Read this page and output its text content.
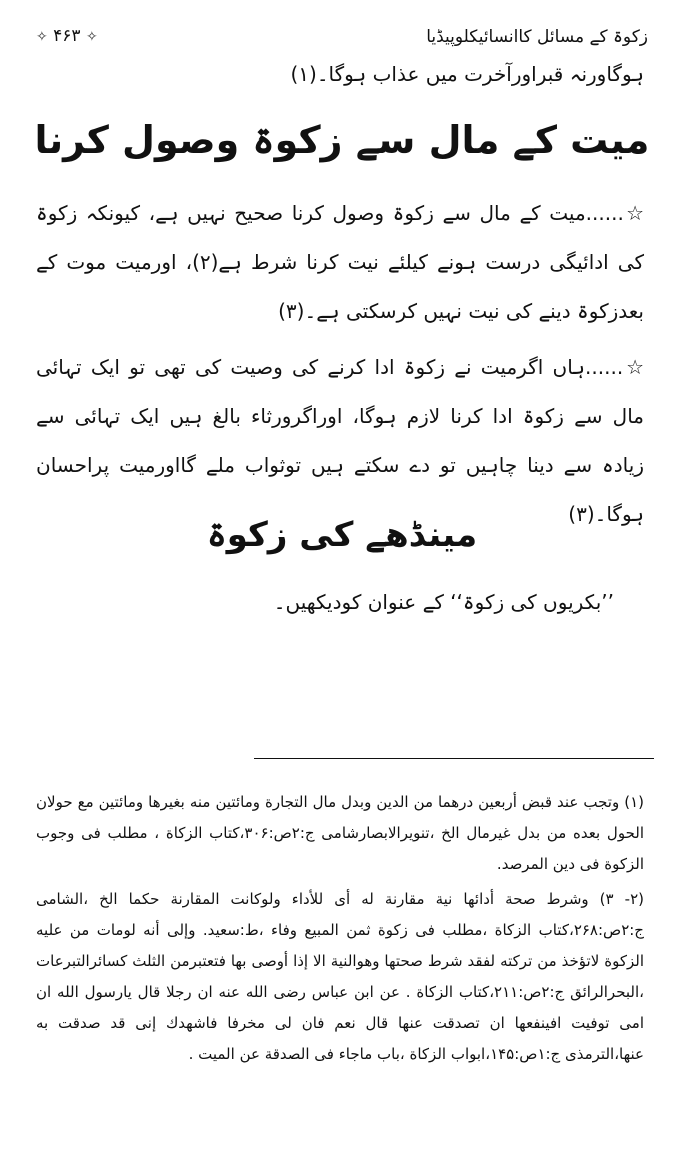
زکوۃ کے مسائل کاانسائیکلوپیڈیا
✧ ۴۶۳ ✧
ہوگاورنہ قبراورآخرت میں عذاب ہوگا۔(۱)
میت کے مال سے زکوۃ وصول کرنا
☆......میت کے مال سے زکوۃ وصول کرنا صحیح نہیں ہے، کیونکہ زکوۃ کی ادائیگی درست ہونے کیلئے نیت کرنا شرط ہے(۲)، اورمیت موت کے بعدزکوۃ دینے کی نیت نہیں کرسکتی ہے۔(۳)
☆......ہاں اگرمیت نے زکوۃ ادا کرنے کی وصیت کی تھی تو ایک تہائی مال سے زکوۃ ادا کرنا لازم ہوگا، اوراگرورثاء بالغ ہیں ایک تہائی سے زیادہ سے دینا چاہیں تو دے سکتے ہیں توثواب ملے گااورمیت پراحسان ہوگا۔(۳)
مینڈھے کی زکوۃ
’’بکریوں کی زکوۃ‘‘ کے عنوان کودیکھیں۔
(۱) وتجب عند قبض أربعين درهما من الدين وبدل مال التجارة ومائتين منه بغيرها ومائتين مع حولان الحول بعده من بدل غيرمال الخ ،تنويرالابصارشامی ج:۲ص:۳۰۶،کتاب الزكاة ، مطلب فى وجوب الزكوة فى دين المرصد.
(۲- ۳) وشرط صحة أدائها نية مقارنة له أى للأداء ولوكانت المقارنة حكما الخ ،الشامی ج:۲ص:۲۶۸،کتاب الزكاة ،مطلب فى زكوة ثمن المبيع وفاء ،ط:سعيد. وإلى أنه لومات من عليه الزكوة لاتؤخذ من تركته لفقد شرط صحتها وهوالنية الا إذا أوصى بها فتعتبرمن الثلث كسائرالتبرعات ،البحرالرائق ج:۲ص:۲۱۱،کتاب الزكاة . عن ابن عباس رضى الله عنه ان رجلا قال يارسول الله ان امى توفيت افينفعها ان تصدقت عنها قال نعم فان لى مخرفا فاشهدك إنى قد صدقت به عنها،الترمذى ج:۱ص:۱۴۵،ابواب الزكاة ،باب ماجاء فى الصدقة عن الميت .
